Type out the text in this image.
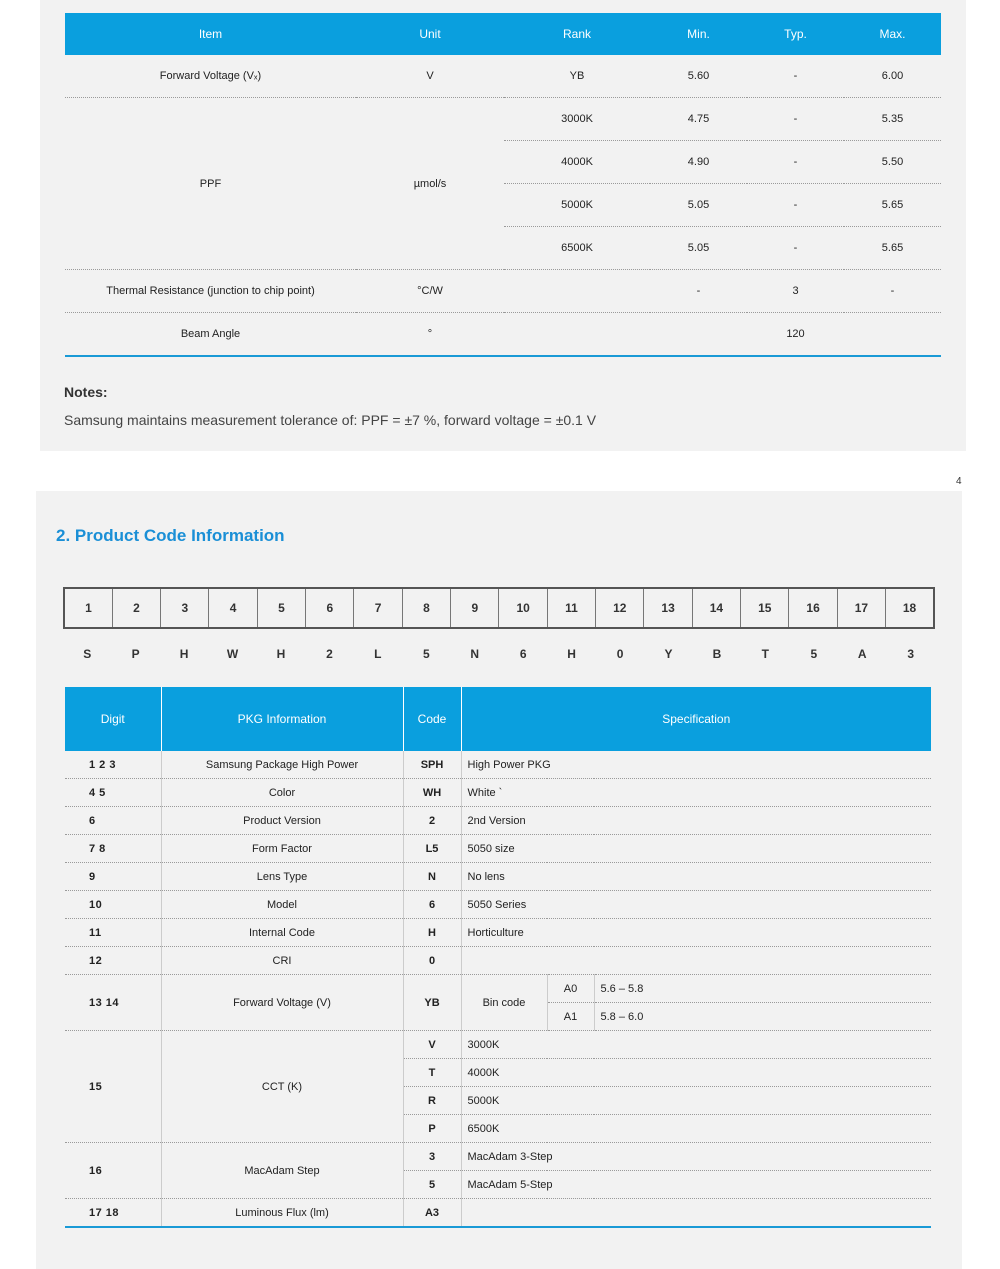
Item	Unit	Rank	Min.	Typ.	Max.
Forward Voltage (Vₓ)	V	YB	5.60	-	6.00
PPF	µmol/s	3000K	4.75	-	5.35
		4000K	4.90	-	5.50
		5000K	5.05	-	5.65
		6500K	5.05	-	5.65
Thermal Resistance (junction to chip point)	°C/W		-	3	-
Beam Angle	°			120	
Notes:
Samsung maintains measurement tolerance of: PPF = ±7 %, forward voltage = ±0.1 V
4
2. Product Code Information
1	2	3	4	5	6	7	8	9	10	11	12	13	14	15	16	17	18
S	P	H	W	H	2	L	5	N	6	H	0	Y	B	T	5	A	3
Digit	PKG Information	Code	Specification		
1 2 3	Samsung Package High Power	SPH	High Power PKG		
4 5	Color	WH	White `		
6	Product Version	2	2nd Version		
7 8	Form Factor	L5	5050 size		
9	Lens Type	N	No lens		
10	Model	6	5050 Series		
11	Internal Code	H	Horticulture		
12	CRI	0			
13 14	Forward Voltage (V)	YB	Bin code	A0	5.6 – 5.8
				A1	5.8 – 6.0
15	CCT (K)	V	3000K		
		T	4000K		
		R	5000K		
		P	6500K		
16	MacAdam Step	3	MacAdam 3-Step		
		5	MacAdam 5-Step		
17 18	Luminous Flux (lm)	A3			
